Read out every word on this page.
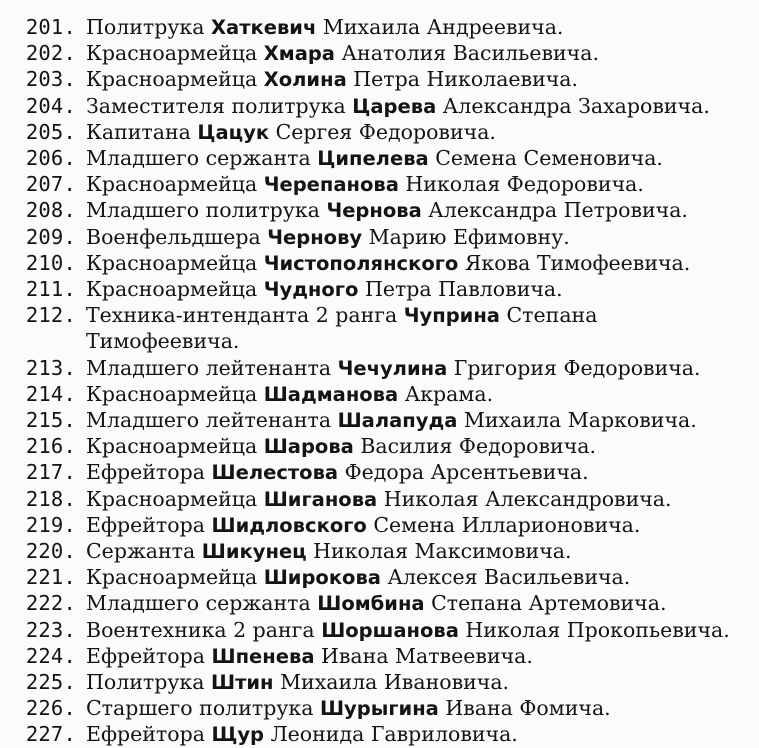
201. Политрука Хаткевич Михаила Андреевича.
202. Красноармейца Хмара Анатолия Васильевича.
203. Красноармейца Холина Петра Николаевича.
204. Заместителя политрука Царева Александра Захаровича.
205. Капитана Цацук Сергея Федоровича.
206. Младшего сержанта Ципелева Семена Семеновича.
207. Красноармейца Черепанова Николая Федоровича.
208. Младшего политрука Чернова Александра Петровича.
209. Военфельдшера Чернову Марию Ефимовну.
210. Красноармейца Чистополянского Якова Тимофеевича.
211. Красноармейца Чудного Петра Павловича.
212. Техника-интенданта 2 ранга Чуприна Степана
Тимофеевича.
213. Младшего лейтенанта Чечулина Григория Федоровича.
214. Красноармейца Шадманова Акрама.
215. Младшего лейтенанта Шалапуда Михаила Марковича.
216. Красноармейца Шарова Василия Федоровича.
217. Ефрейтора Шелестова Федора Арсентьевича.
218. Красноармейца Шиганова Николая Александровича.
219. Ефрейтора Шидловского Семена Илларионовича.
220. Сержанта Шикунец Николая Максимовича.
221. Красноармейца Широкова Алексея Васильевича.
222. Младшего сержанта Шомбина Степана Артемовича.
223. Воентехника 2 ранга Шоршанова Николая Прокопьевича.
224. Ефрейтора Шпенева Ивана Матвеевича.
225. Политрука Штин Михаила Ивановича.
226. Старшего политрука Шурыгина Ивана Фомича.
227. Ефрейтора Щур Леонида Гавриловича.
